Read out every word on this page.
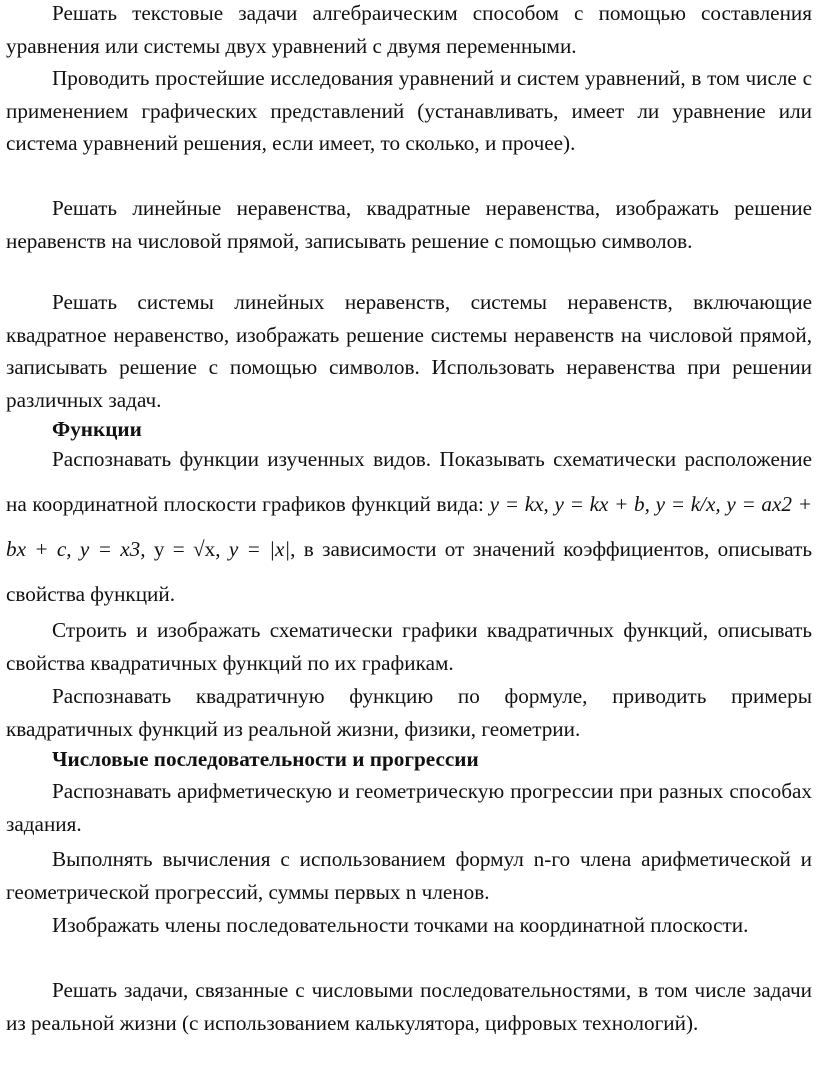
Решать текстовые задачи алгебраическим способом с помощью составления уравнения или системы двух уравнений с двумя переменными.

Проводить простейшие исследования уравнений и систем уравнений, в том числе с применением графических представлений (устанавливать, имеет ли уравнение или система уравнений решения, если имеет, то сколько, и прочее).

Решать линейные неравенства, квадратные неравенства, изображать решение неравенств на числовой прямой, записывать решение с помощью символов.

Решать системы линейных неравенств, системы неравенств, включающие квадратное неравенство, изображать решение системы неравенств на числовой прямой, записывать решение с помощью символов. Использовать неравенства при решении различных задач.

Функции

Распознавать функции изученных видов. Показывать схематически расположение на координатной плоскости графиков функций вида: y = kx, y = kx + b, y = k/x, y = ax2 + bx + c, y = x3, y = √x, y = |x|, в зависимости от значений коэффициентов, описывать свойства функций.

Строить и изображать схематически графики квадратичных функций, описывать свойства квадратичных функций по их графикам.

Распознавать квадратичную функцию по формуле, приводить примеры квадратичных функций из реальной жизни, физики, геометрии.

Числовые последовательности и прогрессии

Распознавать арифметическую и геометрическую прогрессии при разных способах задания.

Выполнять вычисления с использованием формул n-го члена арифметической и геометрической прогрессий, суммы первых n членов.

Изображать члены последовательности точками на координатной плоскости.

Решать задачи, связанные с числовыми последовательностями, в том числе задачи из реальной жизни (с использованием калькулятора, цифровых технологий).
